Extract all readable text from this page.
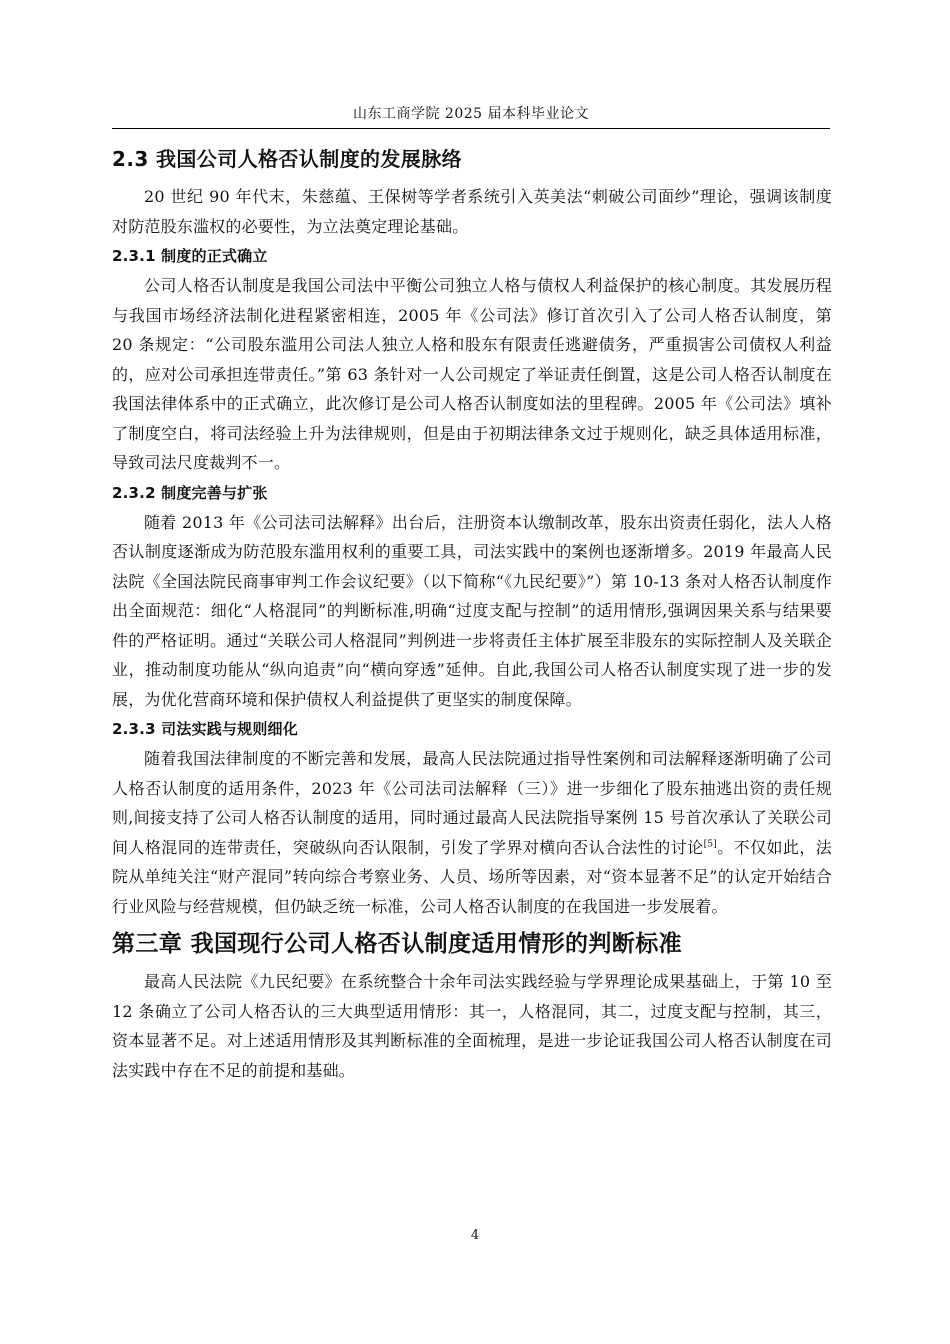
山东工商学院 2025 届本科毕业论文
2.3 我国公司人格否认制度的发展脉络

20 世纪 90 年代末，朱慈蕴、王保树等学者系统引入英美法“刺破公司面纱”理论，强调该制度对防范股东滥权的必要性，为立法奠定理论基础。

2.3.1 制度的正式确立

公司人格否认制度是我国公司法中平衡公司独立人格与债权人利益保护的核心制度。其发展历程与我国市场经济法制化进程紧密相连，2005 年《公司法》修订首次引入了公司人格否认制度，第 20 条规定：“公司股东滥用公司法人独立人格和股东有限责任逃避债务，严重损害公司债权人利益的，应对公司承担连带责任。”第 63 条针对一人公司规定了举证责任倒置，这是公司人格否认制度在我国法律体系中的正式确立，此次修订是公司人格否认制度如法的里程碑。2005 年《公司法》填补了制度空白，将司法经验上升为法律规则，但是由于初期法律条文过于规则化，缺乏具体适用标准，导致司法尺度裁判不一。

2.3.2 制度完善与扩张

随着 2013 年《公司法司法解释》出台后，注册资本认缴制改革，股东出资责任弱化，法人人格否认制度逐渐成为防范股东滥用权利的重要工具，司法实践中的案例也逐渐增多。2019 年最高人民法院《全国法院民商事审判工作会议纪要》（以下简称“《九民纪要》”）第 10-13 条对人格否认制度作出全面规范：细化“人格混同”的判断标准,明确“过度支配与控制”的适用情形,强调因果关系与结果要件的严格证明。通过“关联公司人格混同”判例进一步将责任主体扩展至非股东的实际控制人及关联企业，推动制度功能从“纵向追责”向“横向穿透”延伸。自此,我国公司人格否认制度实现了进一步的发展，为优化营商环境和保护债权人利益提供了更坚实的制度保障。

2.3.3 司法实践与规则细化

随着我国法律制度的不断完善和发展，最高人民法院通过指导性案例和司法解释逐渐明确了公司人格否认制度的适用条件，2023 年《公司法司法解释（三）》进一步细化了股东抽逃出资的责任规则,间接支持了公司人格否认制度的适用，同时通过最高人民法院指导案例 15 号首次承认了关联公司间人格混同的连带责任，突破纵向否认限制，引发了学界对横向否认合法性的讨论[5]。不仅如此，法院从单纯关注“财产混同”转向综合考察业务、人员、场所等因素，对“资本显著不足”的认定开始结合行业风险与经营规模，但仍缺乏统一标准，公司人格否认制度的在我国进一步发展着。

第三章 我国现行公司人格否认制度适用情形的判断标准

最高人民法院《九民纪要》在系统整合十余年司法实践经验与学界理论成果基础上，于第 10 至 12 条确立了公司人格否认的三大典型适用情形：其一，人格混同，其二，过度支配与控制，其三，资本显著不足。对上述适用情形及其判断标准的全面梳理，是进一步论证我国公司人格否认制度在司法实践中存在不足的前提和基础。

4
